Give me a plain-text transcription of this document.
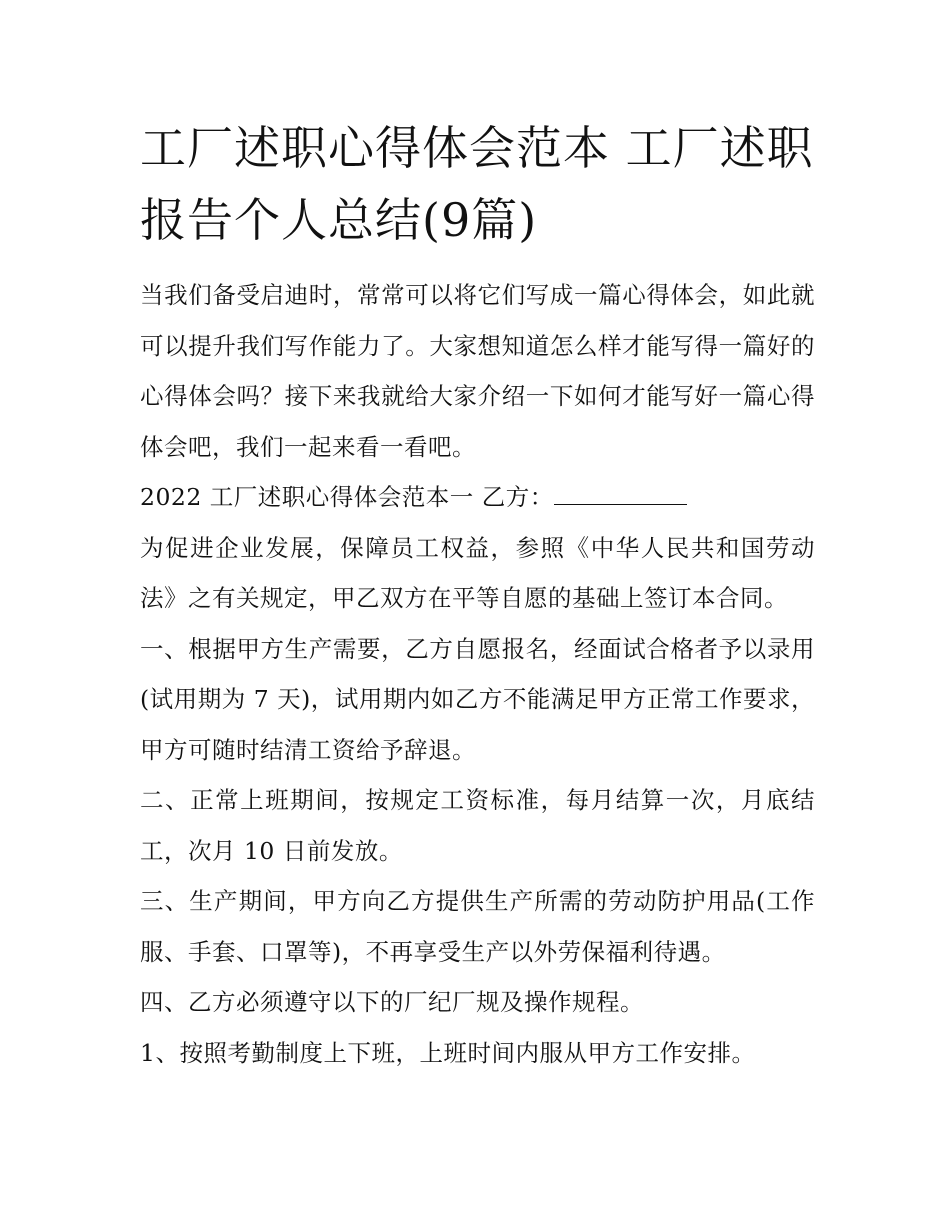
工厂述职心得体会范本 工厂述职报告个人总结(9篇)

当我们备受启迪时，常常可以将它们写成一篇心得体会，如此就可以提升我们写作能力了。大家想知道怎么样才能写得一篇好的心得体会吗？接下来我就给大家介绍一下如何才能写好一篇心得体会吧，我们一起来看一看吧。

2022 工厂述职心得体会范本一 乙方：

为促进企业发展，保障员工权益，参照《中华人民共和国劳动法》之有关规定，甲乙双方在平等自愿的基础上签订本合同。

一、根据甲方生产需要，乙方自愿报名，经面试合格者予以录用(试用期为 7 天)，试用期内如乙方不能满足甲方正常工作要求，甲方可随时结清工资给予辞退。

二、正常上班期间，按规定工资标准，每月结算一次，月底结工，次月 10 日前发放。

三、生产期间，甲方向乙方提供生产所需的劳动防护用品(工作服、手套、口罩等)，不再享受生产以外劳保福利待遇。

四、乙方必须遵守以下的厂纪厂规及操作规程。

1、按照考勤制度上下班，上班时间内服从甲方工作安排。
